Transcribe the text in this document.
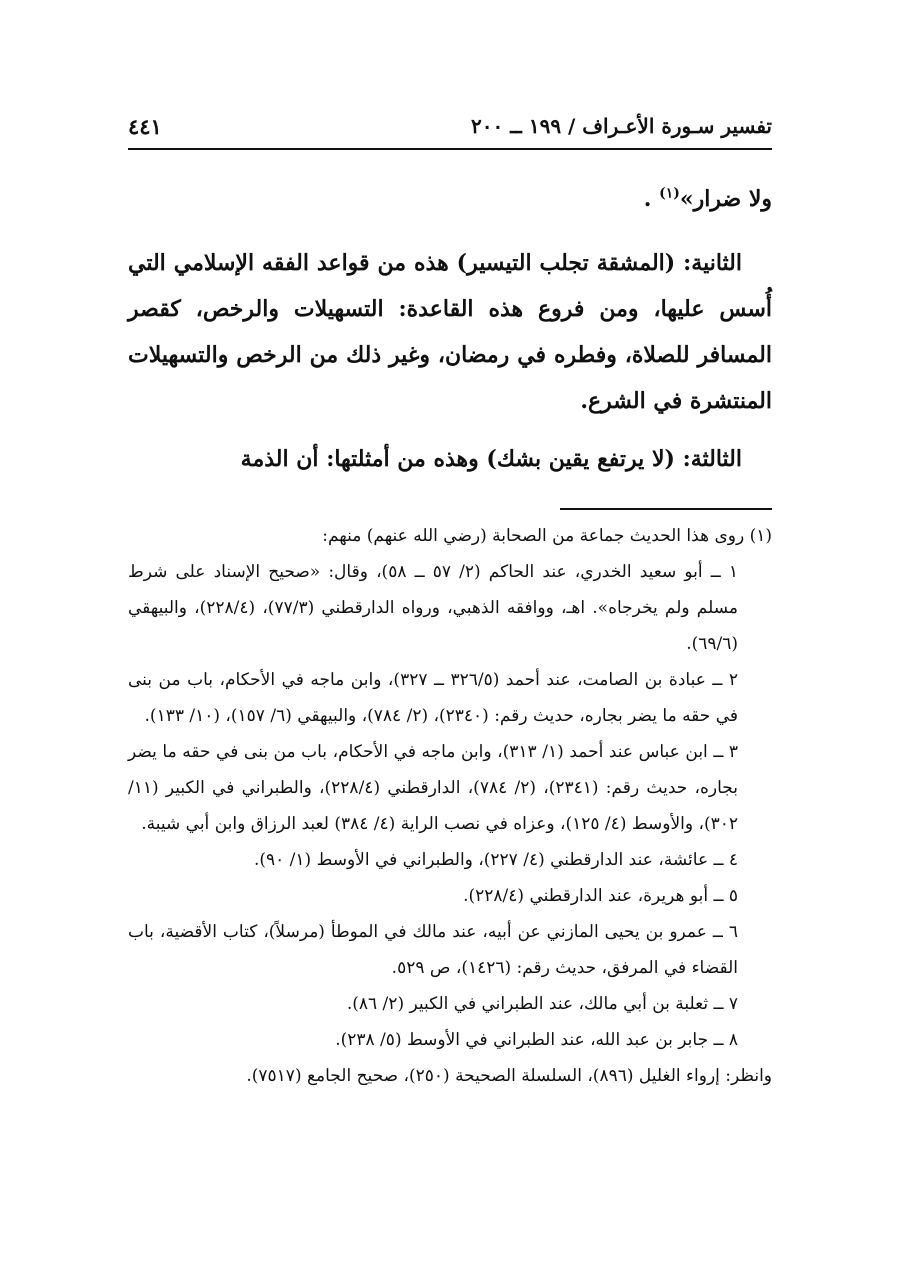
تفسير سـورة الأعـراف / ١٩٩ ــ ٢٠٠
٤٤١

ولا ضرار»$^{(١)}$ .

الثانية: (المشقة تجلب التيسير) هذه من قواعد الفقه الإسلامي التي أُسس عليها، ومن فروع هذه القاعدة: التسهيلات والرخص، كقصر المسافر للصلاة، وفطره في رمضان، وغير ذلك من الرخص والتسهيلات المنتشرة في الشرع.

الثالثة: (لا يرتفع يقين بشك) وهذه من أمثلتها: أن الذمة

(١) روى هذا الحديث جماعة من الصحابة (رضي الله عنهم) منهم:

١ ــ أبو سعيد الخدري، عند الحاكم (٢/ ٥٧ ــ ٥٨)، وقال: «صحيح الإسناد على شرط مسلم ولم يخرجاه». اهـ، ووافقه الذهبي، ورواه الدارقطني (٧٧/٣)، (٢٢٨/٤)، والبيهقي (٦٩/٦).

٢ ــ عبادة بن الصامت، عند أحمد (٣٢٦/٥ ــ ٣٢٧)، وابن ماجه في الأحكام، باب من بنى في حقه ما يضر بجاره، حديث رقم: (٢٣٤٠)، (٢/ ٧٨٤)، والبيهقي (٦/ ١٥٧)، (١٠/ ١٣٣).

٣ ــ ابن عباس عند أحمد (١/ ٣١٣)، وابن ماجه في الأحكام، باب من بنى في حقه ما يضر بجاره، حديث رقم: (٢٣٤١)، (٢/ ٧٨٤)، الدارقطني (٢٢٨/٤)، والطبراني في الكبير (١١/ ٣٠٢)، والأوسط (٤/ ١٢٥)، وعزاه في نصب الراية (٤/ ٣٨٤) لعبد الرزاق وابن أبي شيبة.

٤ ــ عائشة، عند الدارقطني (٤/ ٢٢٧)، والطبراني في الأوسط (١/ ٩٠).

٥ ــ أبو هريرة، عند الدارقطني (٢٢٨/٤).

٦ ــ عمرو بن يحيى المازني عن أبيه، عند مالك في الموطأ (مرسلاً)، كتاب الأقضية، باب القضاء في المرفق، حديث رقم: (١٤٢٦)، ص ٥٢٩.

٧ ــ ثعلبة بن أبي مالك، عند الطبراني في الكبير (٢/ ٨٦).

٨ ــ جابر بن عبد الله، عند الطبراني في الأوسط (٥/ ٢٣٨).

وانظر: إرواء الغليل (٨٩٦)، السلسلة الصحيحة (٢٥٠)، صحيح الجامع (٧٥١٧).
